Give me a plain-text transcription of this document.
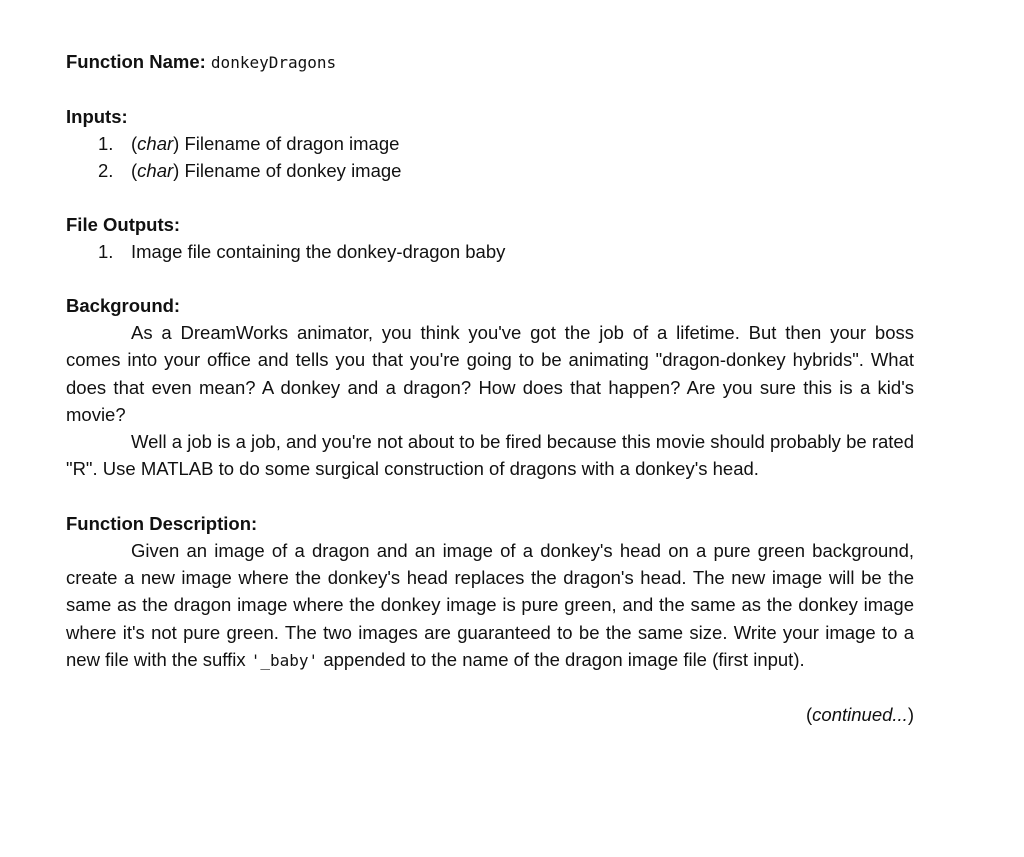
Function Name: donkeyDragons
Inputs:
1. (char) Filename of dragon image
2. (char) Filename of donkey image
File Outputs:
1. Image file containing the donkey-dragon baby
Background:

As a DreamWorks animator, you think you've got the job of a lifetime. But then your boss comes into your office and tells you that you're going to be animating "dragon-donkey hybrids". What does that even mean? A donkey and a dragon? How does that happen? Are you sure this is a kid's movie?

Well a job is a job, and you're not about to be fired because this movie should probably be rated "R". Use MATLAB to do some surgical construction of dragons with a donkey's head.

Function Description:

Given an image of a dragon and an image of a donkey's head on a pure green background, create a new image where the donkey's head replaces the dragon's head. The new image will be the same as the dragon image where the donkey image is pure green, and the same as the donkey image where it's not pure green. The two images are guaranteed to be the same size. Write your image to a new file with the suffix '_baby' appended to the name of the dragon image file (first input).

(continued...)
